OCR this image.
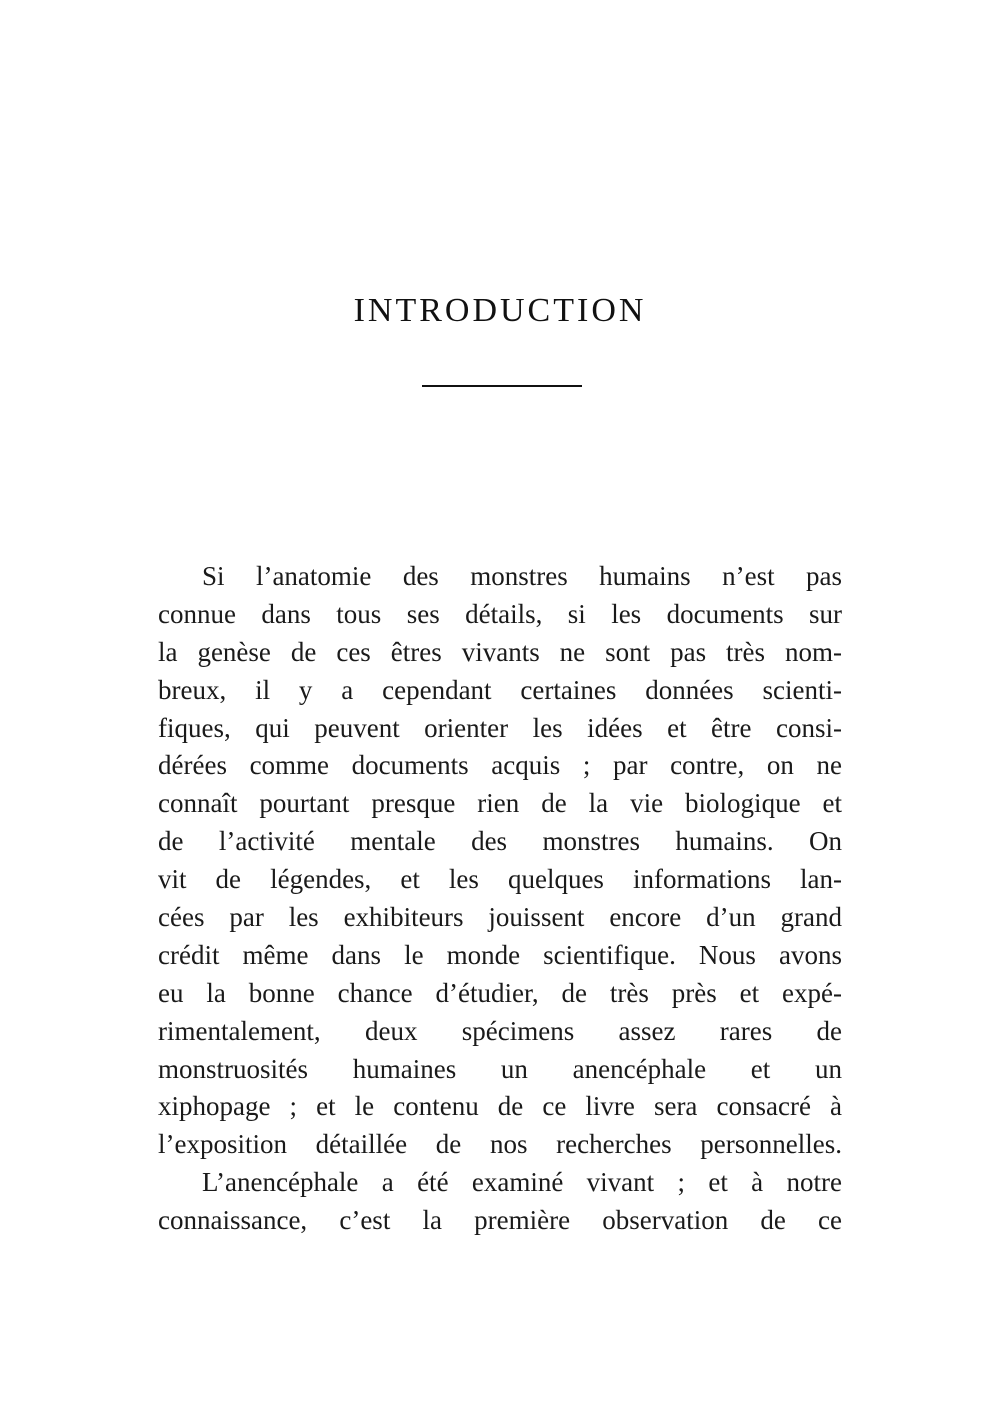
INTRODUCTION
Si l’anatomie des monstres humains n’est pas
connue dans tous ses détails, si les documents sur
la genèse de ces êtres vivants ne sont pas très nom-
breux, il y a cependant certaines données scienti-
fiques, qui peuvent orienter les idées et être consi-
dérées comme documents acquis ; par contre, on ne
connaît pourtant presque rien de la vie biologique et
de l’activité mentale des monstres humains. On
vit de légendes, et les quelques informations lan-
cées par les exhibiteurs jouissent encore d’un grand
crédit même dans le monde scientifique. Nous avons
eu la bonne chance d’étudier, de très près et expé-
rimentalement, deux spécimens assez rares de
monstruosités humaines un anencéphale et un
xiphopage ; et le contenu de ce livre sera consacré à
l’exposition détaillée de nos recherches personnelles.
L’anencéphale a été examiné vivant ; et à notre
connaissance, c’est la première observation de ce
